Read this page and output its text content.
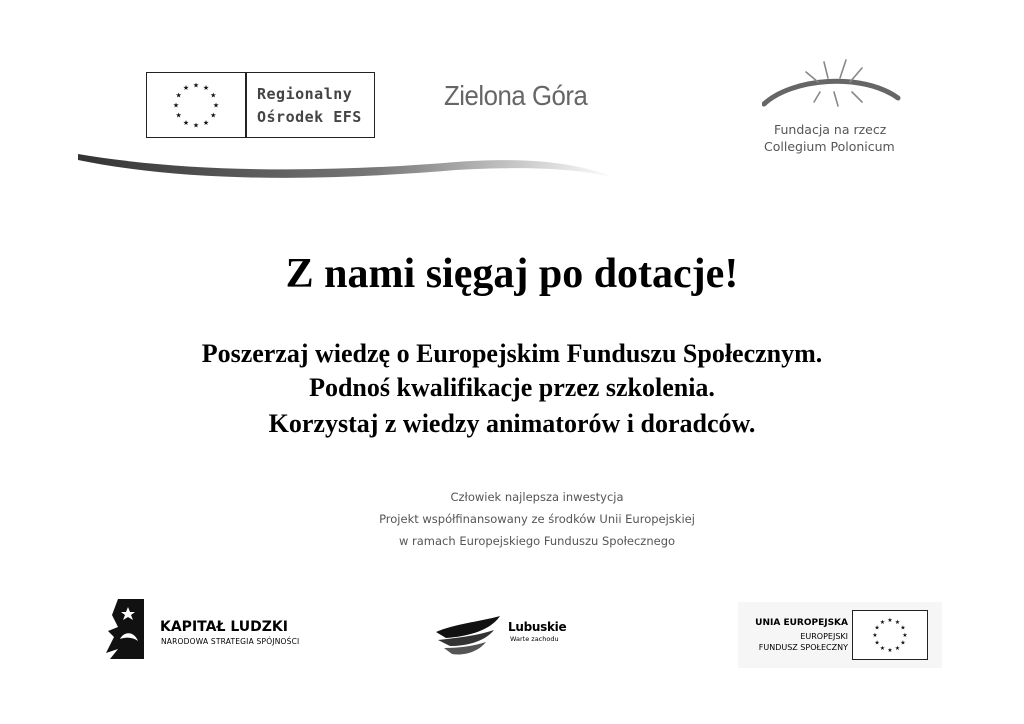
★ ★
★
★
★
★
★
★
★
★
★
★	Regionalny
Ośrodek EFS
Zielona Góra
Fundacja na rzecz
Collegium Polonicum
Z nami sięgaj po dotacje!
Poszerzaj wiedzę o Europejskim Funduszu Społecznym.
Podnoś kwalifikacje przez szkolenia.
Korzystaj z wiedzy animatorów i doradców.
Człowiek najlepsza inwestycja
Projekt współfinansowany ze środków Unii Europejskiej
w ramach Europejskiego Funduszu Społecznego
KAPITAŁ LUDZKI
NARODOWA STRATEGIA SPÓJNOŚCI
Lubuskie
Warte zachodu
UNIA EUROPEJSKA
EUROPEJSKI
FUNDUSZ SPOŁECZNY
★ ★
★
★
★
★
★
★
★
★
★
★
